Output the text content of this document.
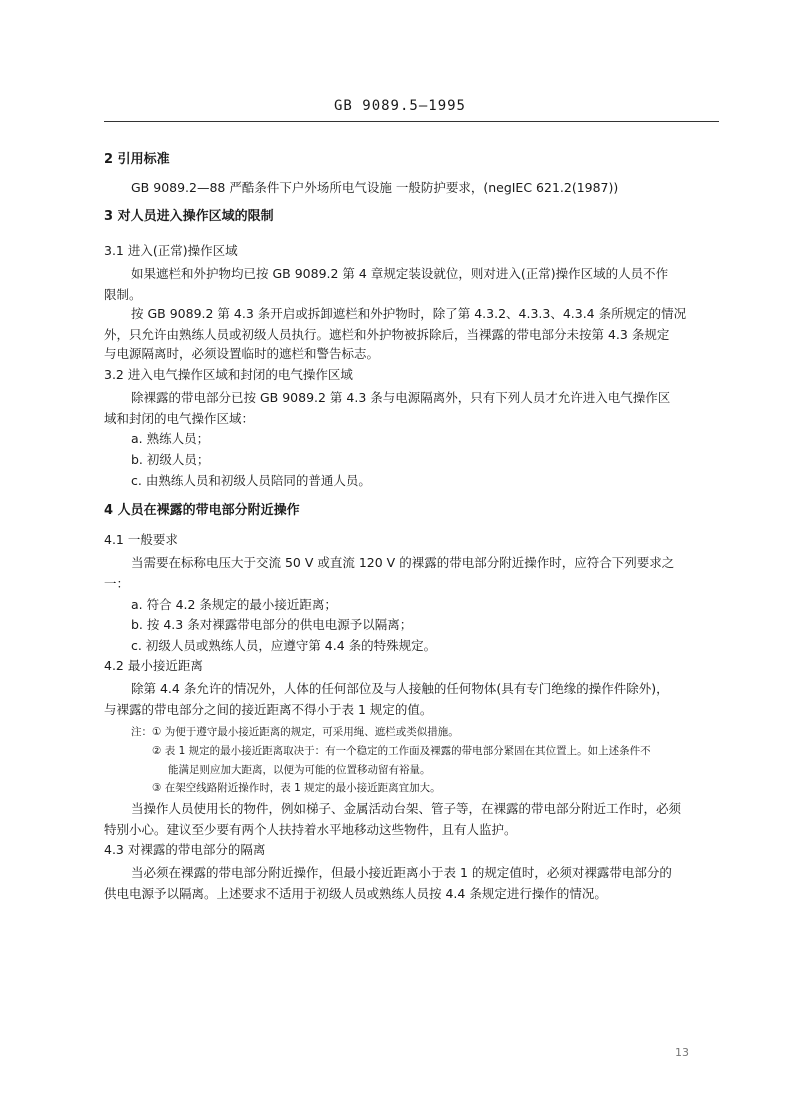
GB 9089.5—1995
2 引用标准
GB 9089.2—88 严酷条件下户外场所电气设施 一般防护要求，(negIEC 621.2(1987))
3 对人员进入操作区域的限制
3.1 进入(正常)操作区域
如果遮栏和外护物均已按 GB 9089.2 第 4 章规定装设就位，则对进入(正常)操作区域的人员不作
限制。
按 GB 9089.2 第 4.3 条开启或拆卸遮栏和外护物时，除了第 4.3.2、4.3.3、4.3.4 条所规定的情况
外，只允许由熟练人员或初级人员执行。遮栏和外护物被拆除后，当裸露的带电部分未按第 4.3 条规定
与电源隔离时，必须设置临时的遮栏和警告标志。
3.2 进入电气操作区域和封闭的电气操作区域
除裸露的带电部分已按 GB 9089.2 第 4.3 条与电源隔离外，只有下列人员才允许进入电气操作区
域和封闭的电气操作区域：
a. 熟练人员；
b. 初级人员；
c. 由熟练人员和初级人员陪同的普通人员。
4 人员在裸露的带电部分附近操作
4.1 一般要求
当需要在标称电压大于交流 50 V 或直流 120 V 的裸露的带电部分附近操作时，应符合下列要求之
一：
a. 符合 4.2 条规定的最小接近距离；
b. 按 4.3 条对裸露带电部分的供电电源予以隔离；
c. 初级人员或熟练人员，应遵守第 4.4 条的特殊规定。
4.2 最小接近距离
除第 4.4 条允许的情况外，人体的任何部位及与人接触的任何物体(具有专门绝缘的操作件除外)，
与裸露的带电部分之间的接近距离不得小于表 1 规定的值。
注：① 为便于遵守最小接近距离的规定，可采用绳、遮栏或类似措施。
② 表 1 规定的最小接近距离取决于：有一个稳定的工作面及裸露的带电部分紧固在其位置上。如上述条件不
能满足则应加大距离，以便为可能的位置移动留有裕量。
③ 在架空线路附近操作时，表 1 规定的最小接近距离宜加大。
当操作人员使用长的物件，例如梯子、金属活动台架、管子等，在裸露的带电部分附近工作时，必须
特别小心。建议至少要有两个人扶持着水平地移动这些物件，且有人监护。
4.3 对裸露的带电部分的隔离
当必须在裸露的带电部分附近操作，但最小接近距离小于表 1 的规定值时，必须对裸露带电部分的
供电电源予以隔离。上述要求不适用于初级人员或熟练人员按 4.4 条规定进行操作的情况。
13
